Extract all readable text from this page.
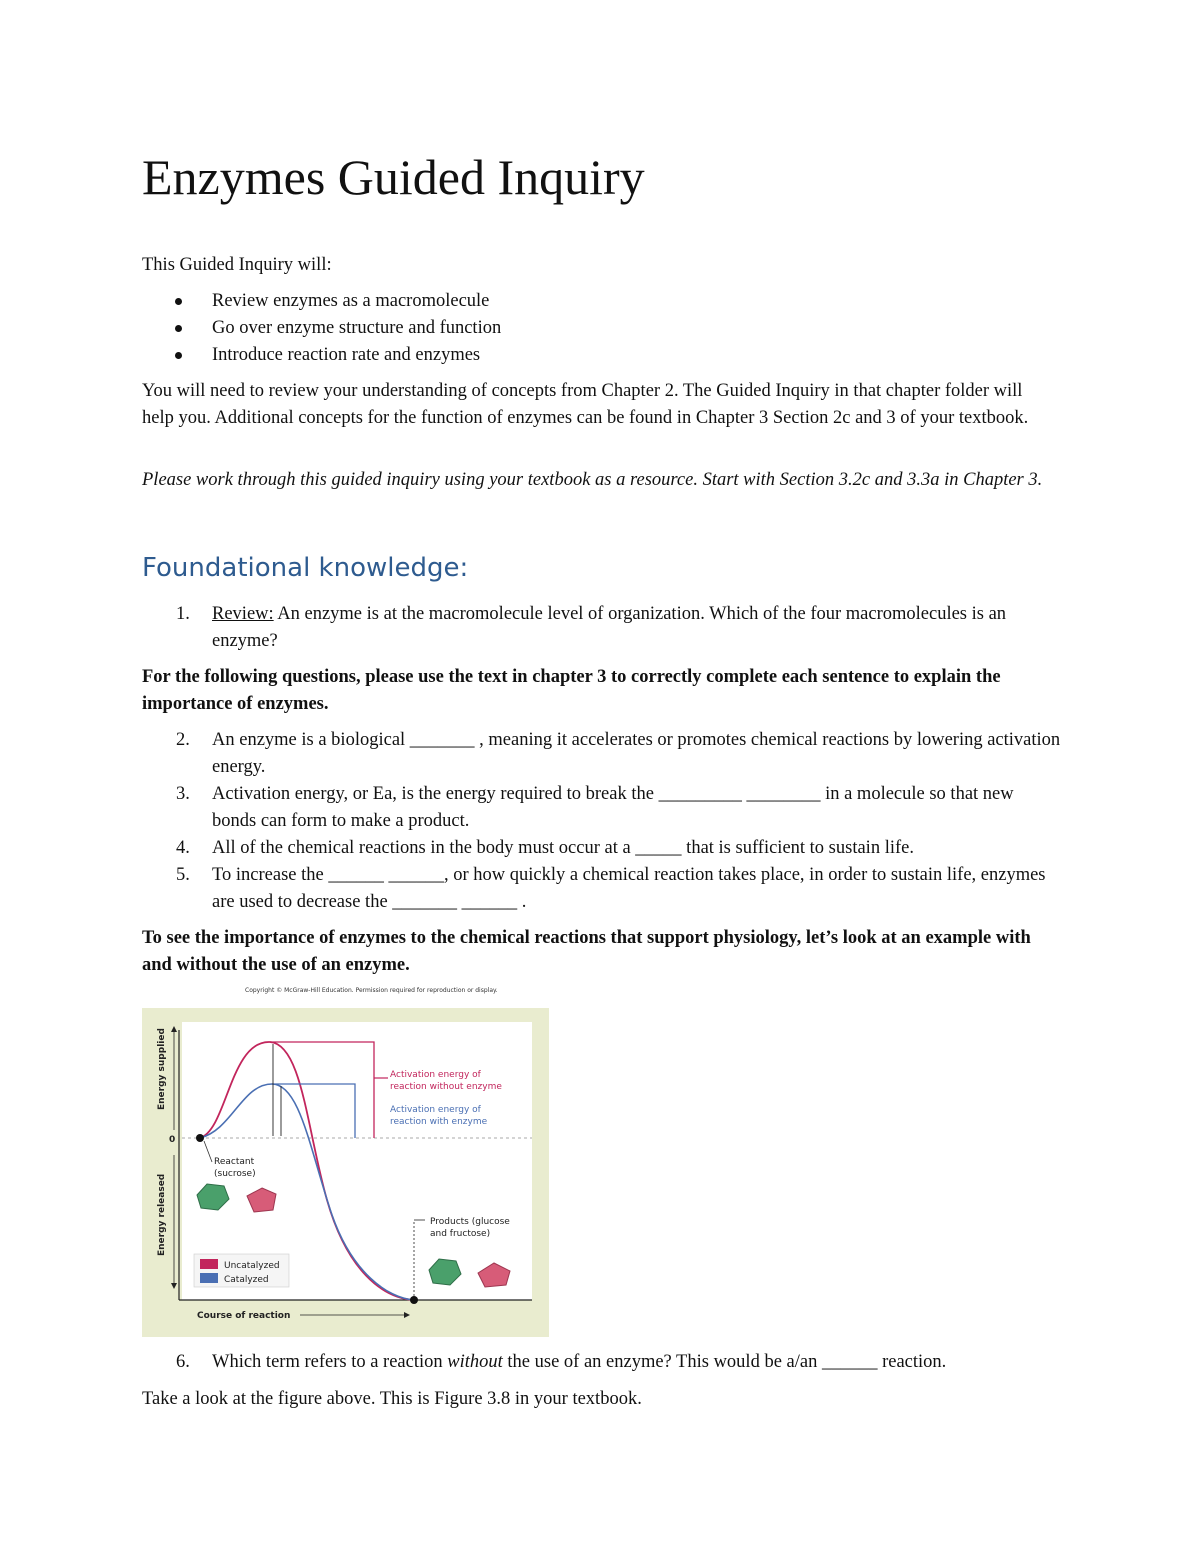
Enzymes Guided Inquiry

This Guided Inquiry will:

Review enzymes as a macromolecule
Go over enzyme structure and function
Introduce reaction rate and enzymes

You will need to review your understanding of concepts from Chapter 2. The Guided Inquiry in that chapter folder will help you. Additional concepts for the function of enzymes can be found in Chapter 3 Section 2c and 3 of your textbook.

Please work through this guided inquiry using your textbook as a resource. Start with Section 3.2c and 3.3a in Chapter 3.

Foundational knowledge:
1. Review: An enzyme is at the macromolecule level of organization. Which of the four macromolecules is an enzyme?

For the following questions, please use the text in chapter 3 to correctly complete each sentence to explain the importance of enzymes.

2. An enzyme is a biological _______ , meaning it accelerates or promotes chemical reactions by lowering activation energy.
3. Activation energy, or Ea, is the energy required to break the _________ ________ in a molecule so that new bonds can form to make a product.
4. All of the chemical reactions in the body must occur at a _____ that is sufficient to sustain life.
5. To increase the ______ ______, or how quickly a chemical reaction takes place, in order to sustain life, enzymes are used to decrease the _______ ______ .

To see the importance of enzymes to the chemical reactions that support physiology, let’s look at an example with and without the use of an enzyme.

Copyright © McGraw-Hill Education. Permission required for reproduction or display.
Energy supplied
Energy released
0
Activation energy of reaction without enzyme
Activation energy of reaction with enzyme
Reactant (sucrose)
Products (glucose and fructose)
Uncatalyzed
Catalyzed
Course of reaction
6. Which term refers to a reaction without the use of an enzyme? This would be a/an ______ reaction.

Take a look at the figure above. This is Figure 3.8 in your textbook.
